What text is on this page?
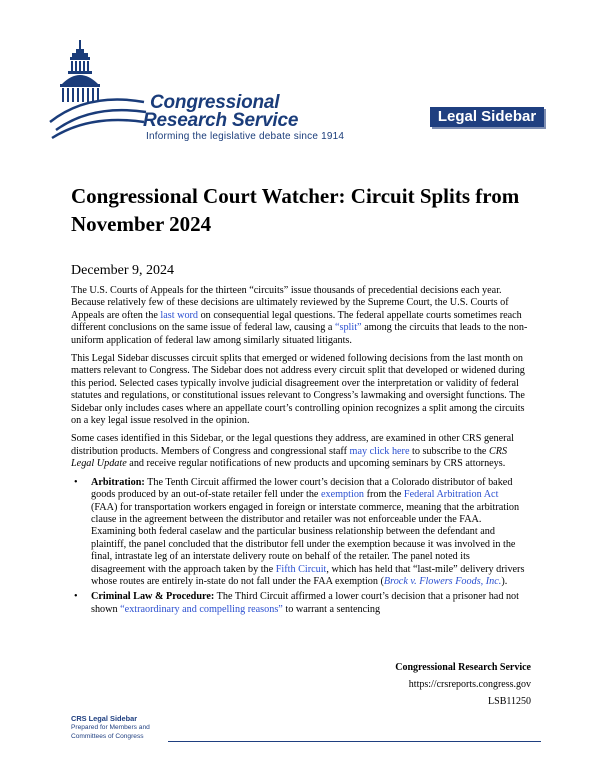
Congressional
Research Service
Informing the legislative debate since 1914
Legal Sidebar
Congressional Court Watcher: Circuit Splits from November 2024
December 9, 2024

The U.S. Courts of Appeals for the thirteen “circuits” issue thousands of precedential decisions each year. Because relatively few of these decisions are ultimately reviewed by the Supreme Court, the U.S. Courts of Appeals are often the last word on consequential legal questions. The federal appellate courts sometimes reach different conclusions on the same issue of federal law, causing a “split” among the circuits that leads to the non-uniform application of federal law among similarly situated litigants.

This Legal Sidebar discusses circuit splits that emerged or widened following decisions from the last month on matters relevant to Congress. The Sidebar does not address every circuit split that developed or widened during this period. Selected cases typically involve judicial disagreement over the interpretation or validity of federal statutes and regulations, or constitutional issues relevant to Congress’s lawmaking and oversight functions. The Sidebar only includes cases where an appellate court’s controlling opinion recognizes a split among the circuits on a key legal issue resolved in the opinion.

Some cases identified in this Sidebar, or the legal questions they address, are examined in other CRS general distribution products. Members of Congress and congressional staff may click here to subscribe to the CRS Legal Update and receive regular notifications of new products and upcoming seminars by CRS attorneys.

• Arbitration: The Tenth Circuit affirmed the lower court’s decision that a Colorado distributor of baked goods produced by an out-of-state retailer fell under the exemption from the Federal Arbitration Act (FAA) for transportation workers engaged in foreign or interstate commerce, meaning that the arbitration clause in the agreement between the distributor and retailer was not enforceable under the FAA. Examining both federal caselaw and the particular business relationship between the defendant and plaintiff, the panel concluded that the distributor fell under the exemption because it was involved in the final, intrastate leg of an interstate delivery route on behalf of the retailer. The panel noted its disagreement with the approach taken by the Fifth Circuit, which has held that “last-mile” delivery drivers whose routes are entirely in-state do not fall under the FAA exemption (Brock v. Flowers Foods, Inc.).
• Criminal Law & Procedure: The Third Circuit affirmed a lower court’s decision that a prisoner had not shown “extraordinary and compelling reasons” to warrant a sentencing
Congressional Research Service
https://crsreports.congress.gov
LSB11250
CRS Legal Sidebar
Prepared for Members and
Committees of Congress
